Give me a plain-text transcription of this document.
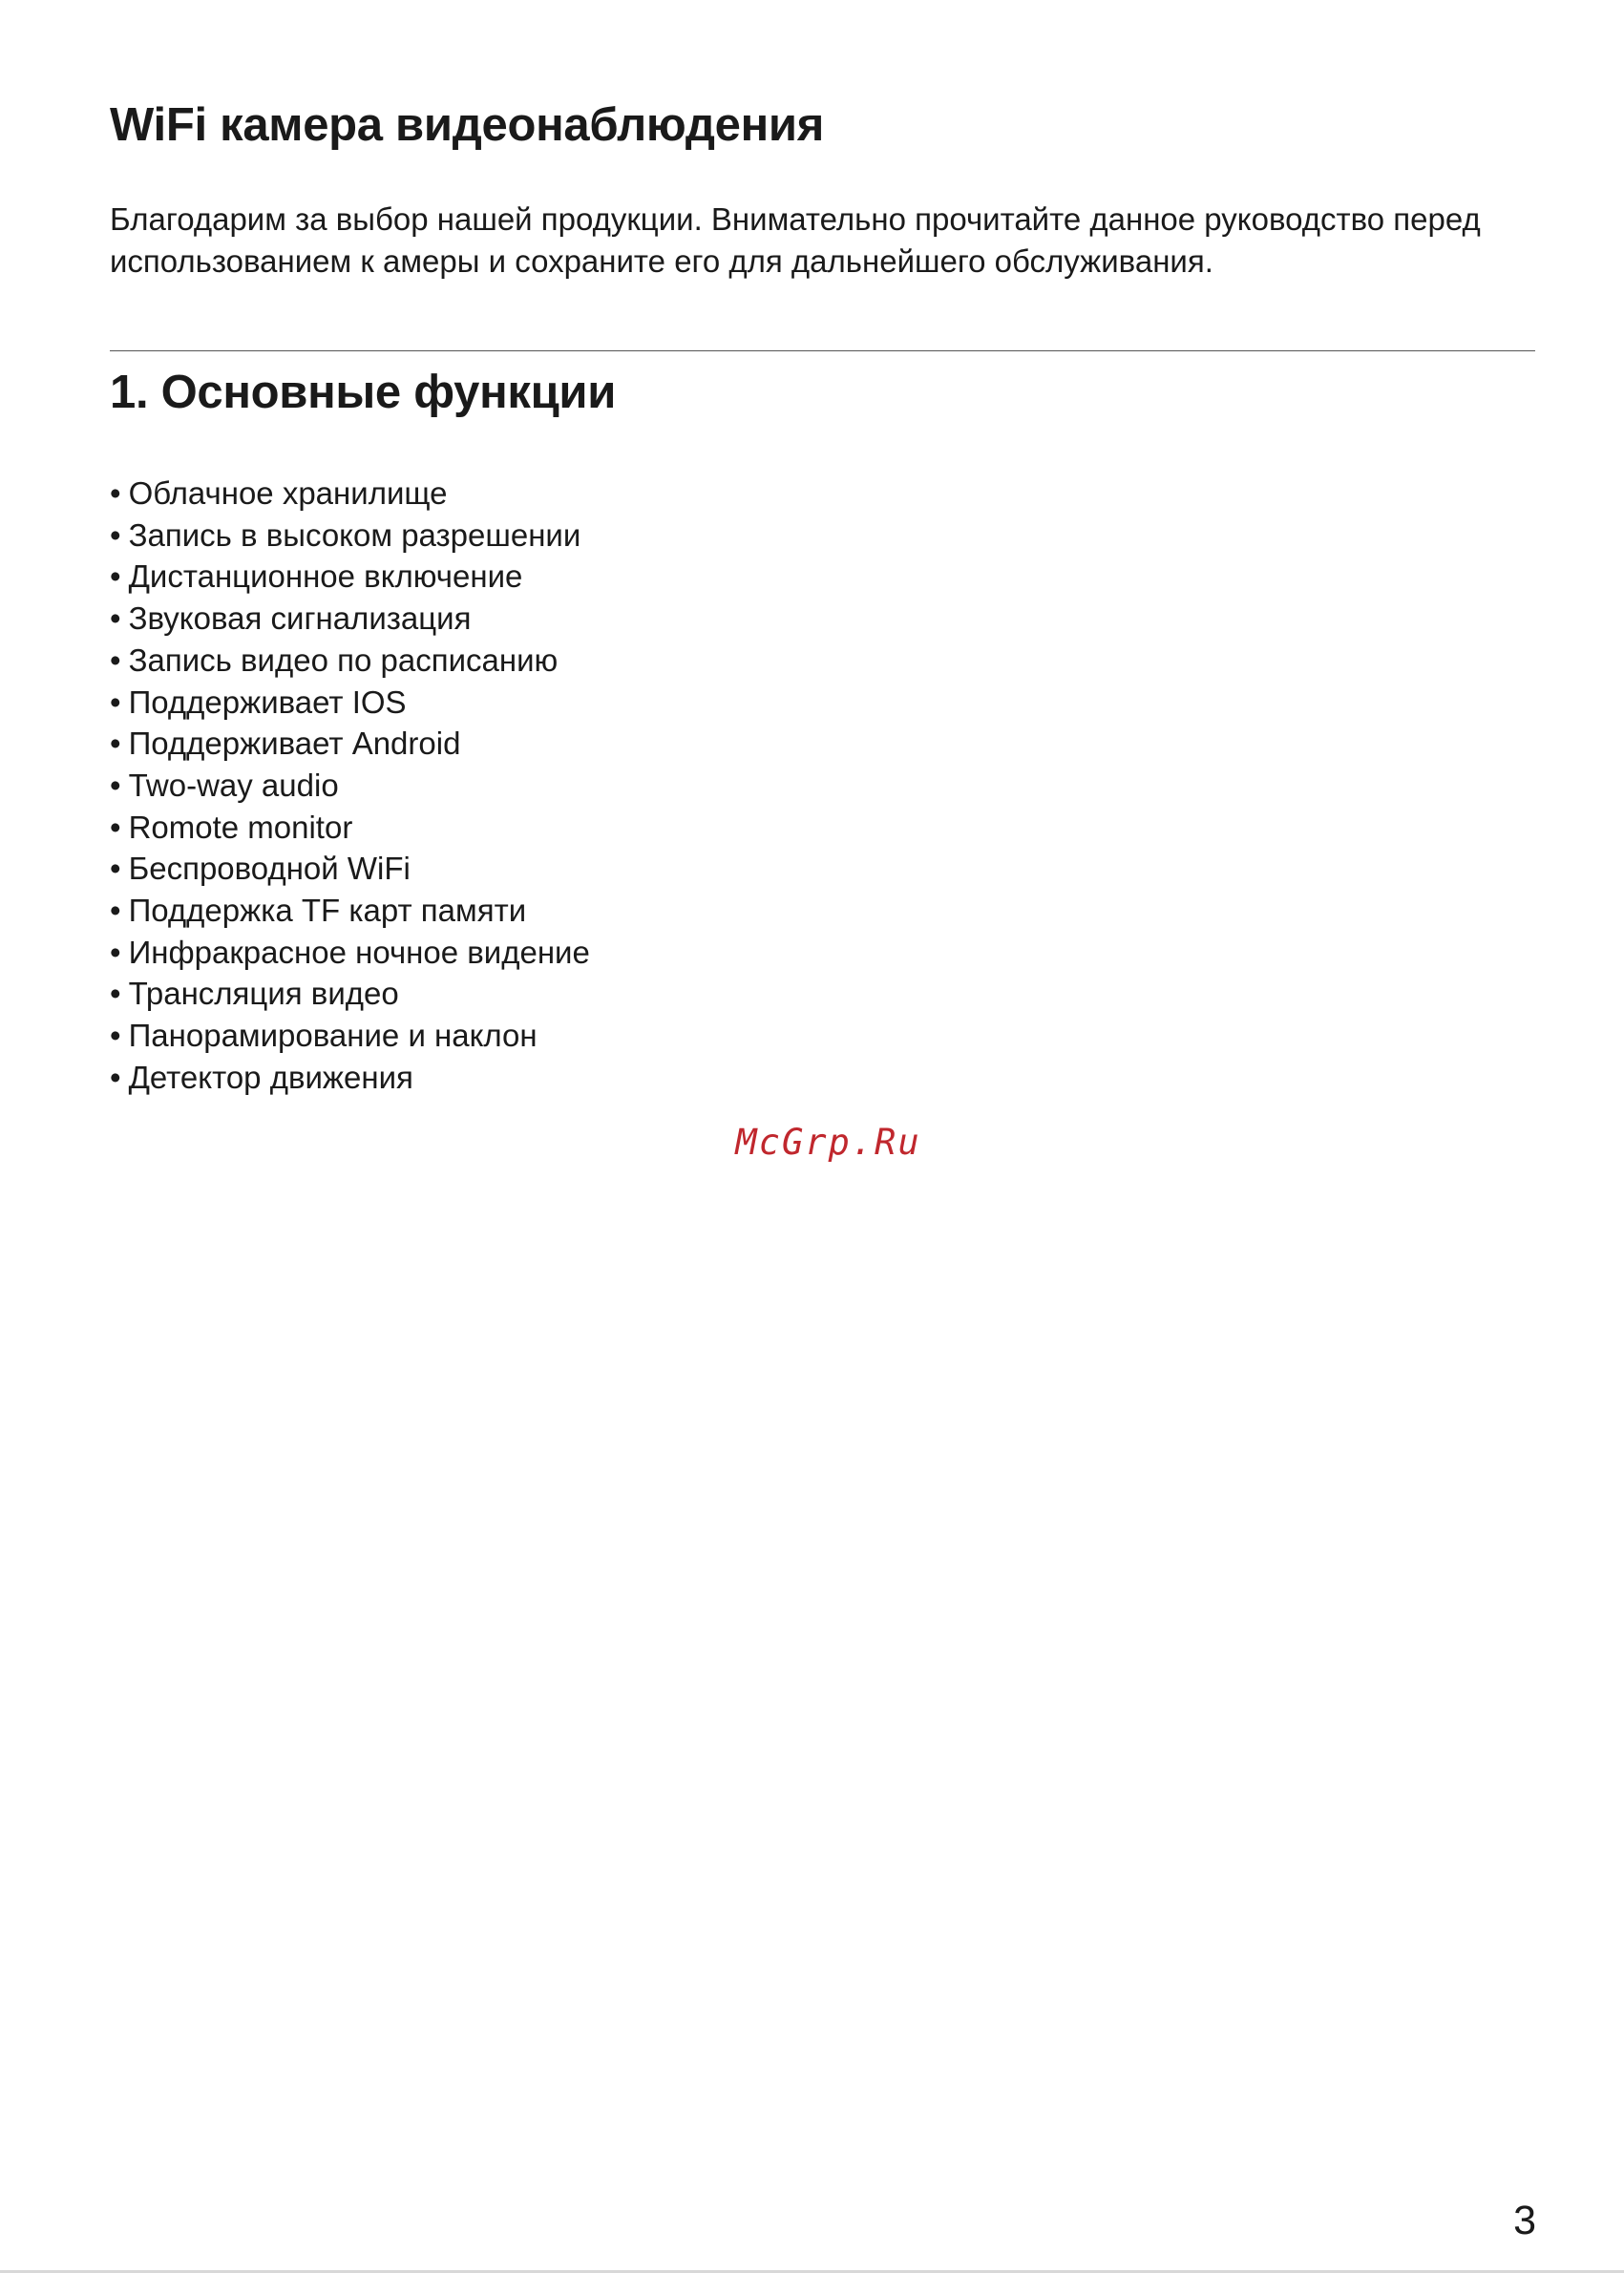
WiFi камера видеонаблюдения

Благодарим за выбор нашей продукции. Внимательно прочитайте данное руководство перед
использованием к амеры и сохраните его для дальнейшего обслуживания.

1. Основные функции
• Облачное хранилище
• Запись в высоком разрешении
• Дистанционное включение
• Звуковая сигнализация
• Запись видео по расписанию
• Поддерживает IOS
• Поддерживает Android
• Two-way audio
• Romote monitor
• Беспроводной WiFi
• Поддержка TF карт памяти
• Инфракрасное ночное видение
• Трансляция видео
• Панорамирование и наклон
• Детектор движения
McGrp.Ru
3
